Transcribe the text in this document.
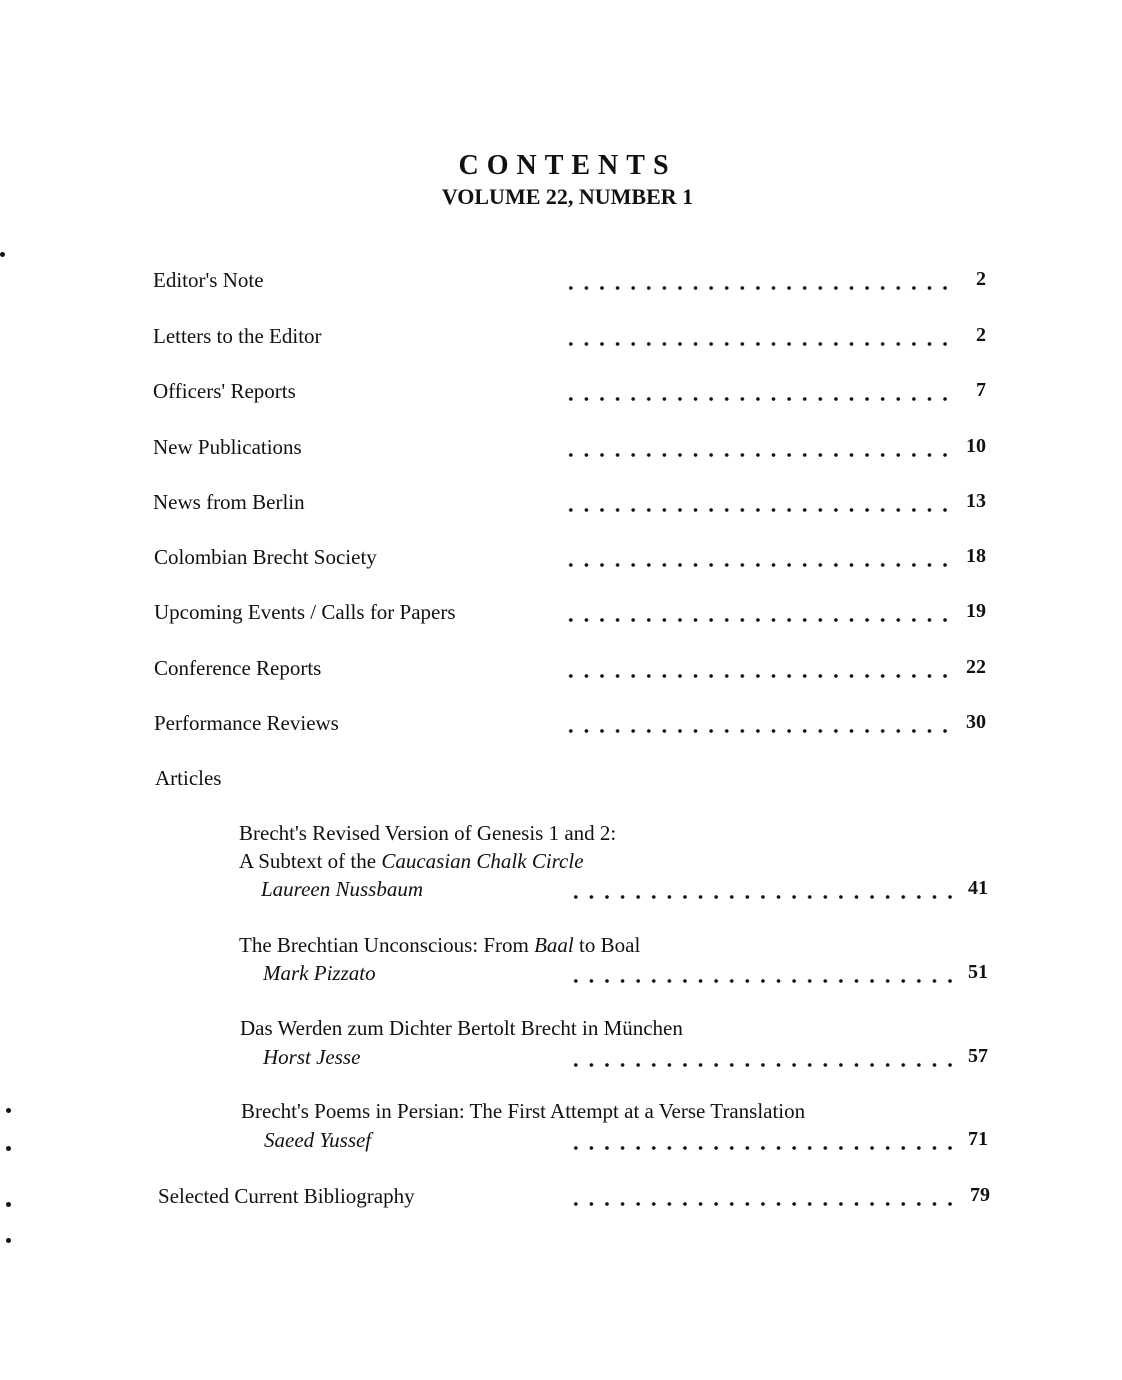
CONTENTS
VOLUME 22, NUMBER 1
Editor's Note	2
Letters to the Editor	2
Officers' Reports	7
New Publications	10
News from Berlin	13
Colombian Brecht Society	18
Upcoming Events / Calls for Papers	19
Conference Reports	22
Performance Reviews	30
Articles
Brecht's Revised Version of Genesis 1 and 2:
A Subtext of the Caucasian Chalk Circle
Laureen Nussbaum	41
The Brechtian Unconscious: From Baal to Boal
Mark Pizzato	51
Das Werden zum Dichter Bertolt Brecht in München
Horst Jesse	57
Brecht's Poems in Persian: The First Attempt at a Verse Translation
Saeed Yussef	71
Selected Current Bibliography	79
